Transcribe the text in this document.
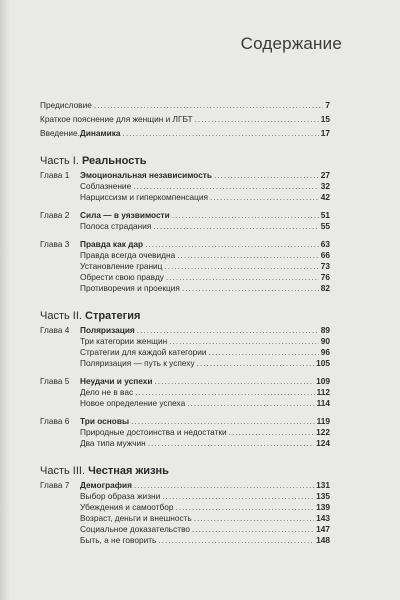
Содержание
Предисловие .....	7
Краткое пояснение для женщин и ЛГБТ .....	15
Введение. Динамика .....	17
Часть I. Реальность
Глава 1	Эмоциональная независимость .....	27
Соблазнение .....	32
Нарциссизм и гиперкомпенсация .....	42
Глава 2	Сила — в уязвимости .....	51
Полоса страдания .....	55
Глава 3	Правда как дар .....	63
Правда всегда очевидна .....	66
Установление границ .....	73
Обрести свою правду .....	76
Противоречия и проекция .....	82
Часть II. Стратегия
Глава 4	Поляризация .....	89
Три категории женщин .....	90
Стратегии для каждой категории .....	96
Поляризация — путь к успеху .....	105
Глава 5	Неудачи и успехи .....	109
Дело не в вас .....	112
Новое определение успеха .....	114
Глава 6	Три основы .....	119
Природные достоинства и недостатки .....	122
Два типа мужчин .....	124
Часть III. Честная жизнь
Глава 7	Демография .....	131
Выбор образа жизни .....	135
Убеждения и самоотбор .....	139
Возраст, деньги и внешность .....	143
Социальное доказательство .....	147
Быть, а не говорить .....	148
